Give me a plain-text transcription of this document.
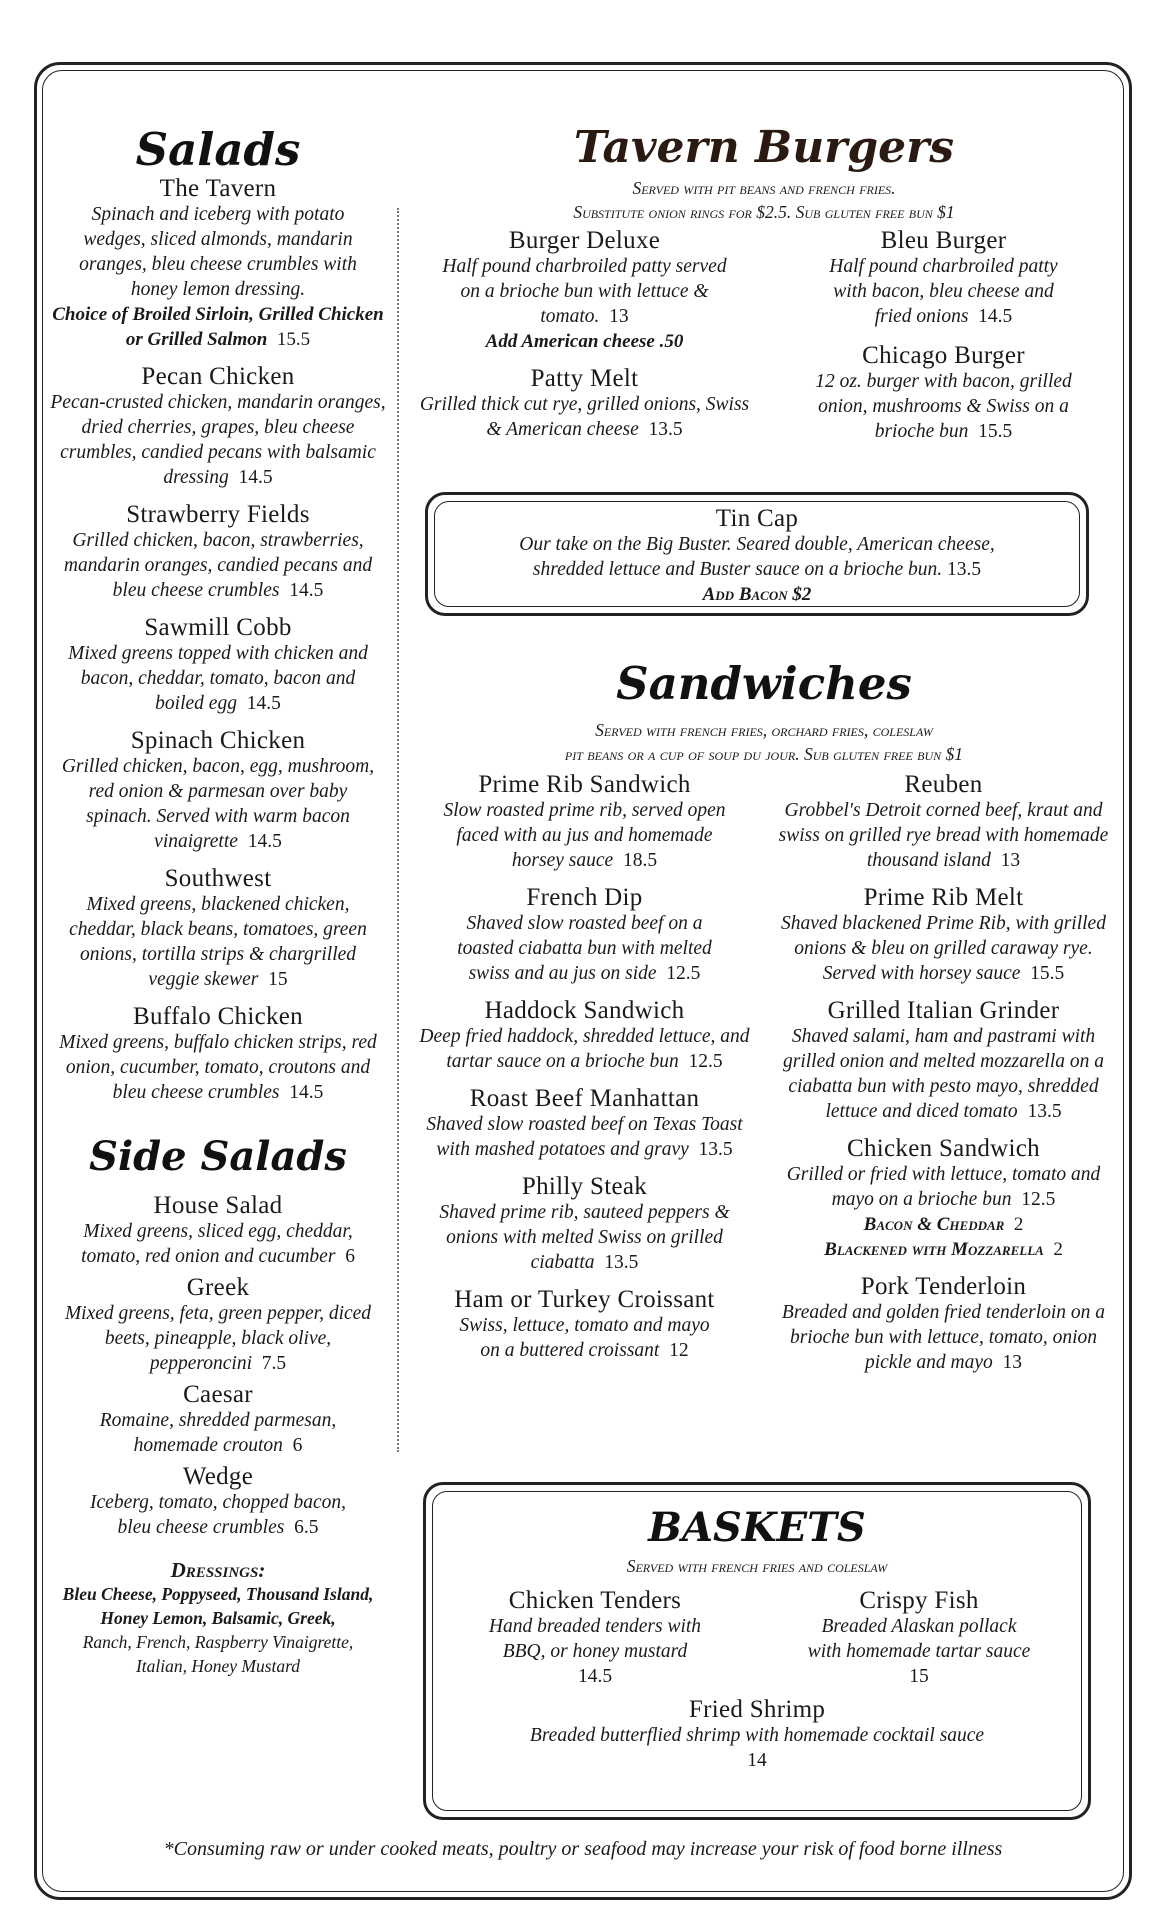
Salads
The Tavern
Spinach and iceberg with potato wedges, sliced almonds, mandarin oranges, bleu cheese crumbles with honey lemon dressing.
Choice of Broiled Sirloin, Grilled Chicken or Grilled Salmon 15.5
Pecan Chicken
Pecan-crusted chicken, mandarin oranges, dried cherries, grapes, bleu cheese crumbles, candied pecans with balsamic dressing 14.5
Strawberry Fields
Grilled chicken, bacon, strawberries, mandarin oranges, candied pecans and bleu cheese crumbles 14.5
Sawmill Cobb
Mixed greens topped with chicken and bacon, cheddar, tomato, bacon and boiled egg 14.5
Spinach Chicken
Grilled chicken, bacon, egg, mushroom, red onion & parmesan over baby spinach. Served with warm bacon vinaigrette 14.5
Southwest
Mixed greens, blackened chicken, cheddar, black beans, tomatoes, green onions, tortilla strips & chargrilled veggie skewer 15
Buffalo Chicken
Mixed greens, buffalo chicken strips, red onion, cucumber, tomato, croutons and bleu cheese crumbles 14.5
Side Salads
House Salad
Mixed greens, sliced egg, cheddar, tomato, red onion and cucumber 6
Greek
Mixed greens, feta, green pepper, diced beets, pineapple, black olive, pepperoncini 7.5
Caesar
Romaine, shredded parmesan, homemade crouton 6
Wedge
Iceberg, tomato, chopped bacon, bleu cheese crumbles 6.5
Dressings:
Bleu Cheese, Poppyseed, Thousand Island, Honey Lemon, Balsamic, Greek,
Ranch, French, Raspberry Vinaigrette, Italian, Honey Mustard
Tavern Burgers
Served with pit beans and french fries.
Substitute onion rings for $2.5. Sub gluten free bun $1
Burger Deluxe
Half pound charbroiled patty served on a brioche bun with lettuce & tomato. 13
Add American cheese .50
Patty Melt
Grilled thick cut rye, grilled onions, Swiss & American cheese 13.5
Bleu Burger
Half pound charbroiled patty with bacon, bleu cheese and fried onions 14.5
Chicago Burger
12 oz. burger with bacon, grilled onion, mushrooms & Swiss on a brioche bun 15.5
Tin Cap
Our take on the Big Buster. Seared double, American cheese, shredded lettuce and Buster sauce on a brioche bun. 13.5
Add Bacon $2
Sandwiches
Served with french fries, orchard fries, coleslaw
pit beans or a cup of soup du jour. Sub gluten free bun $1
Prime Rib Sandwich
Slow roasted prime rib, served open faced with au jus and homemade horsey sauce 18.5
French Dip
Shaved slow roasted beef on a toasted ciabatta bun with melted swiss and au jus on side 12.5
Haddock Sandwich
Deep fried haddock, shredded lettuce, and tartar sauce on a brioche bun 12.5
Roast Beef Manhattan
Shaved slow roasted beef on Texas Toast with mashed potatoes and gravy 13.5
Philly Steak
Shaved prime rib, sauteed peppers & onions with melted Swiss on grilled ciabatta 13.5
Ham or Turkey Croissant
Swiss, lettuce, tomato and mayo on a buttered croissant 12
Reuben
Grobbel's Detroit corned beef, kraut and swiss on grilled rye bread with homemade thousand island 13
Prime Rib Melt
Shaved blackened Prime Rib, with grilled onions & bleu on grilled caraway rye. Served with horsey sauce 15.5
Grilled Italian Grinder
Shaved salami, ham and pastrami with grilled onion and melted mozzarella on a ciabatta bun with pesto mayo, shredded lettuce and diced tomato 13.5
Chicken Sandwich
Grilled or fried with lettuce, tomato and mayo on a brioche bun 12.5
Bacon & Cheddar 2
Blackened with Mozzarella 2
Pork Tenderloin
Breaded and golden fried tenderloin on a brioche bun with lettuce, tomato, onion pickle and mayo 13
BASKETS
Served with french fries and coleslaw
Chicken Tenders
Hand breaded tenders with BBQ, or honey mustard
14.5
Crispy Fish
Breaded Alaskan pollack with homemade tartar sauce
15
Fried Shrimp
Breaded butterflied shrimp with homemade cocktail sauce
14
*Consuming raw or under cooked meats, poultry or seafood may increase your risk of food borne illness
